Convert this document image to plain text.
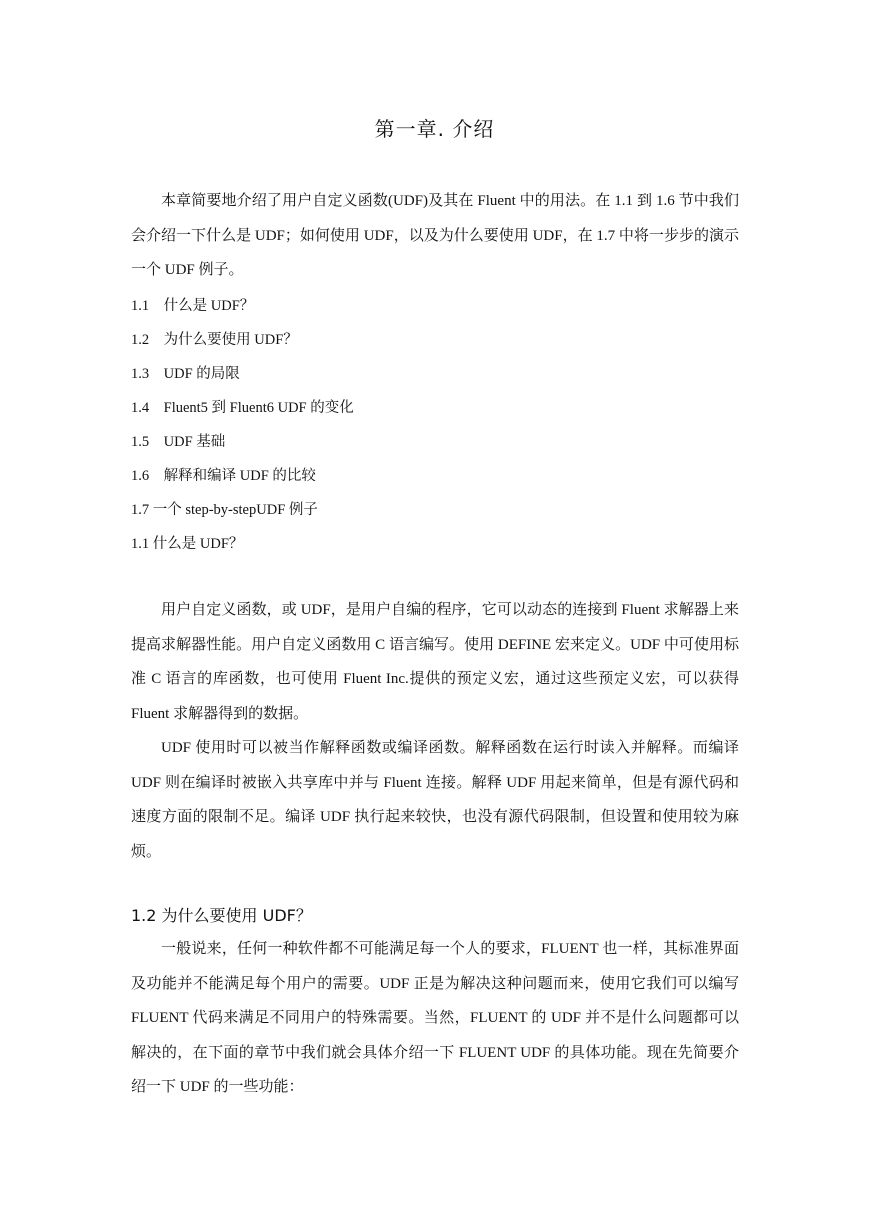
第一章. 介绍

本章简要地介绍了用户自定义函数(UDF)及其在 Fluent 中的用法。在 1.1 到 1.6 节中我们会介绍一下什么是 UDF；如何使用 UDF，以及为什么要使用 UDF，在 1.7 中将一步步的演示一个 UDF 例子。

1.1    什么是 UDF？
1.2    为什么要使用 UDF？
1.3    UDF 的局限
1.4    Fluent5 到 Fluent6 UDF 的变化
1.5    UDF 基础
1.6    解释和编译 UDF 的比较
1.7 一个 step-by-stepUDF 例子
1.1 什么是 UDF？

用户自定义函数，或 UDF，是用户自编的程序，它可以动态的连接到 Fluent 求解器上来提高求解器性能。用户自定义函数用 C 语言编写。使用 DEFINE 宏来定义。UDF 中可使用标准 C 语言的库函数，也可使用 Fluent Inc.提供的预定义宏，通过这些预定义宏，可以获得 Fluent 求解器得到的数据。

UDF 使用时可以被当作解释函数或编译函数。解释函数在运行时读入并解释。而编译 UDF 则在编译时被嵌入共享库中并与 Fluent 连接。解释 UDF 用起来简单，但是有源代码和速度方面的限制不足。编译 UDF 执行起来较快，也没有源代码限制，但设置和使用较为麻烦。

1.2 为什么要使用 UDF？

一般说来，任何一种软件都不可能满足每一个人的要求，FLUENT 也一样，其标准界面及功能并不能满足每个用户的需要。UDF 正是为解决这种问题而来，使用它我们可以编写 FLUENT 代码来满足不同用户的特殊需要。当然，FLUENT 的 UDF 并不是什么问题都可以解决的，在下面的章节中我们就会具体介绍一下 FLUENT UDF 的具体功能。现在先简要介绍一下 UDF 的一些功能：
